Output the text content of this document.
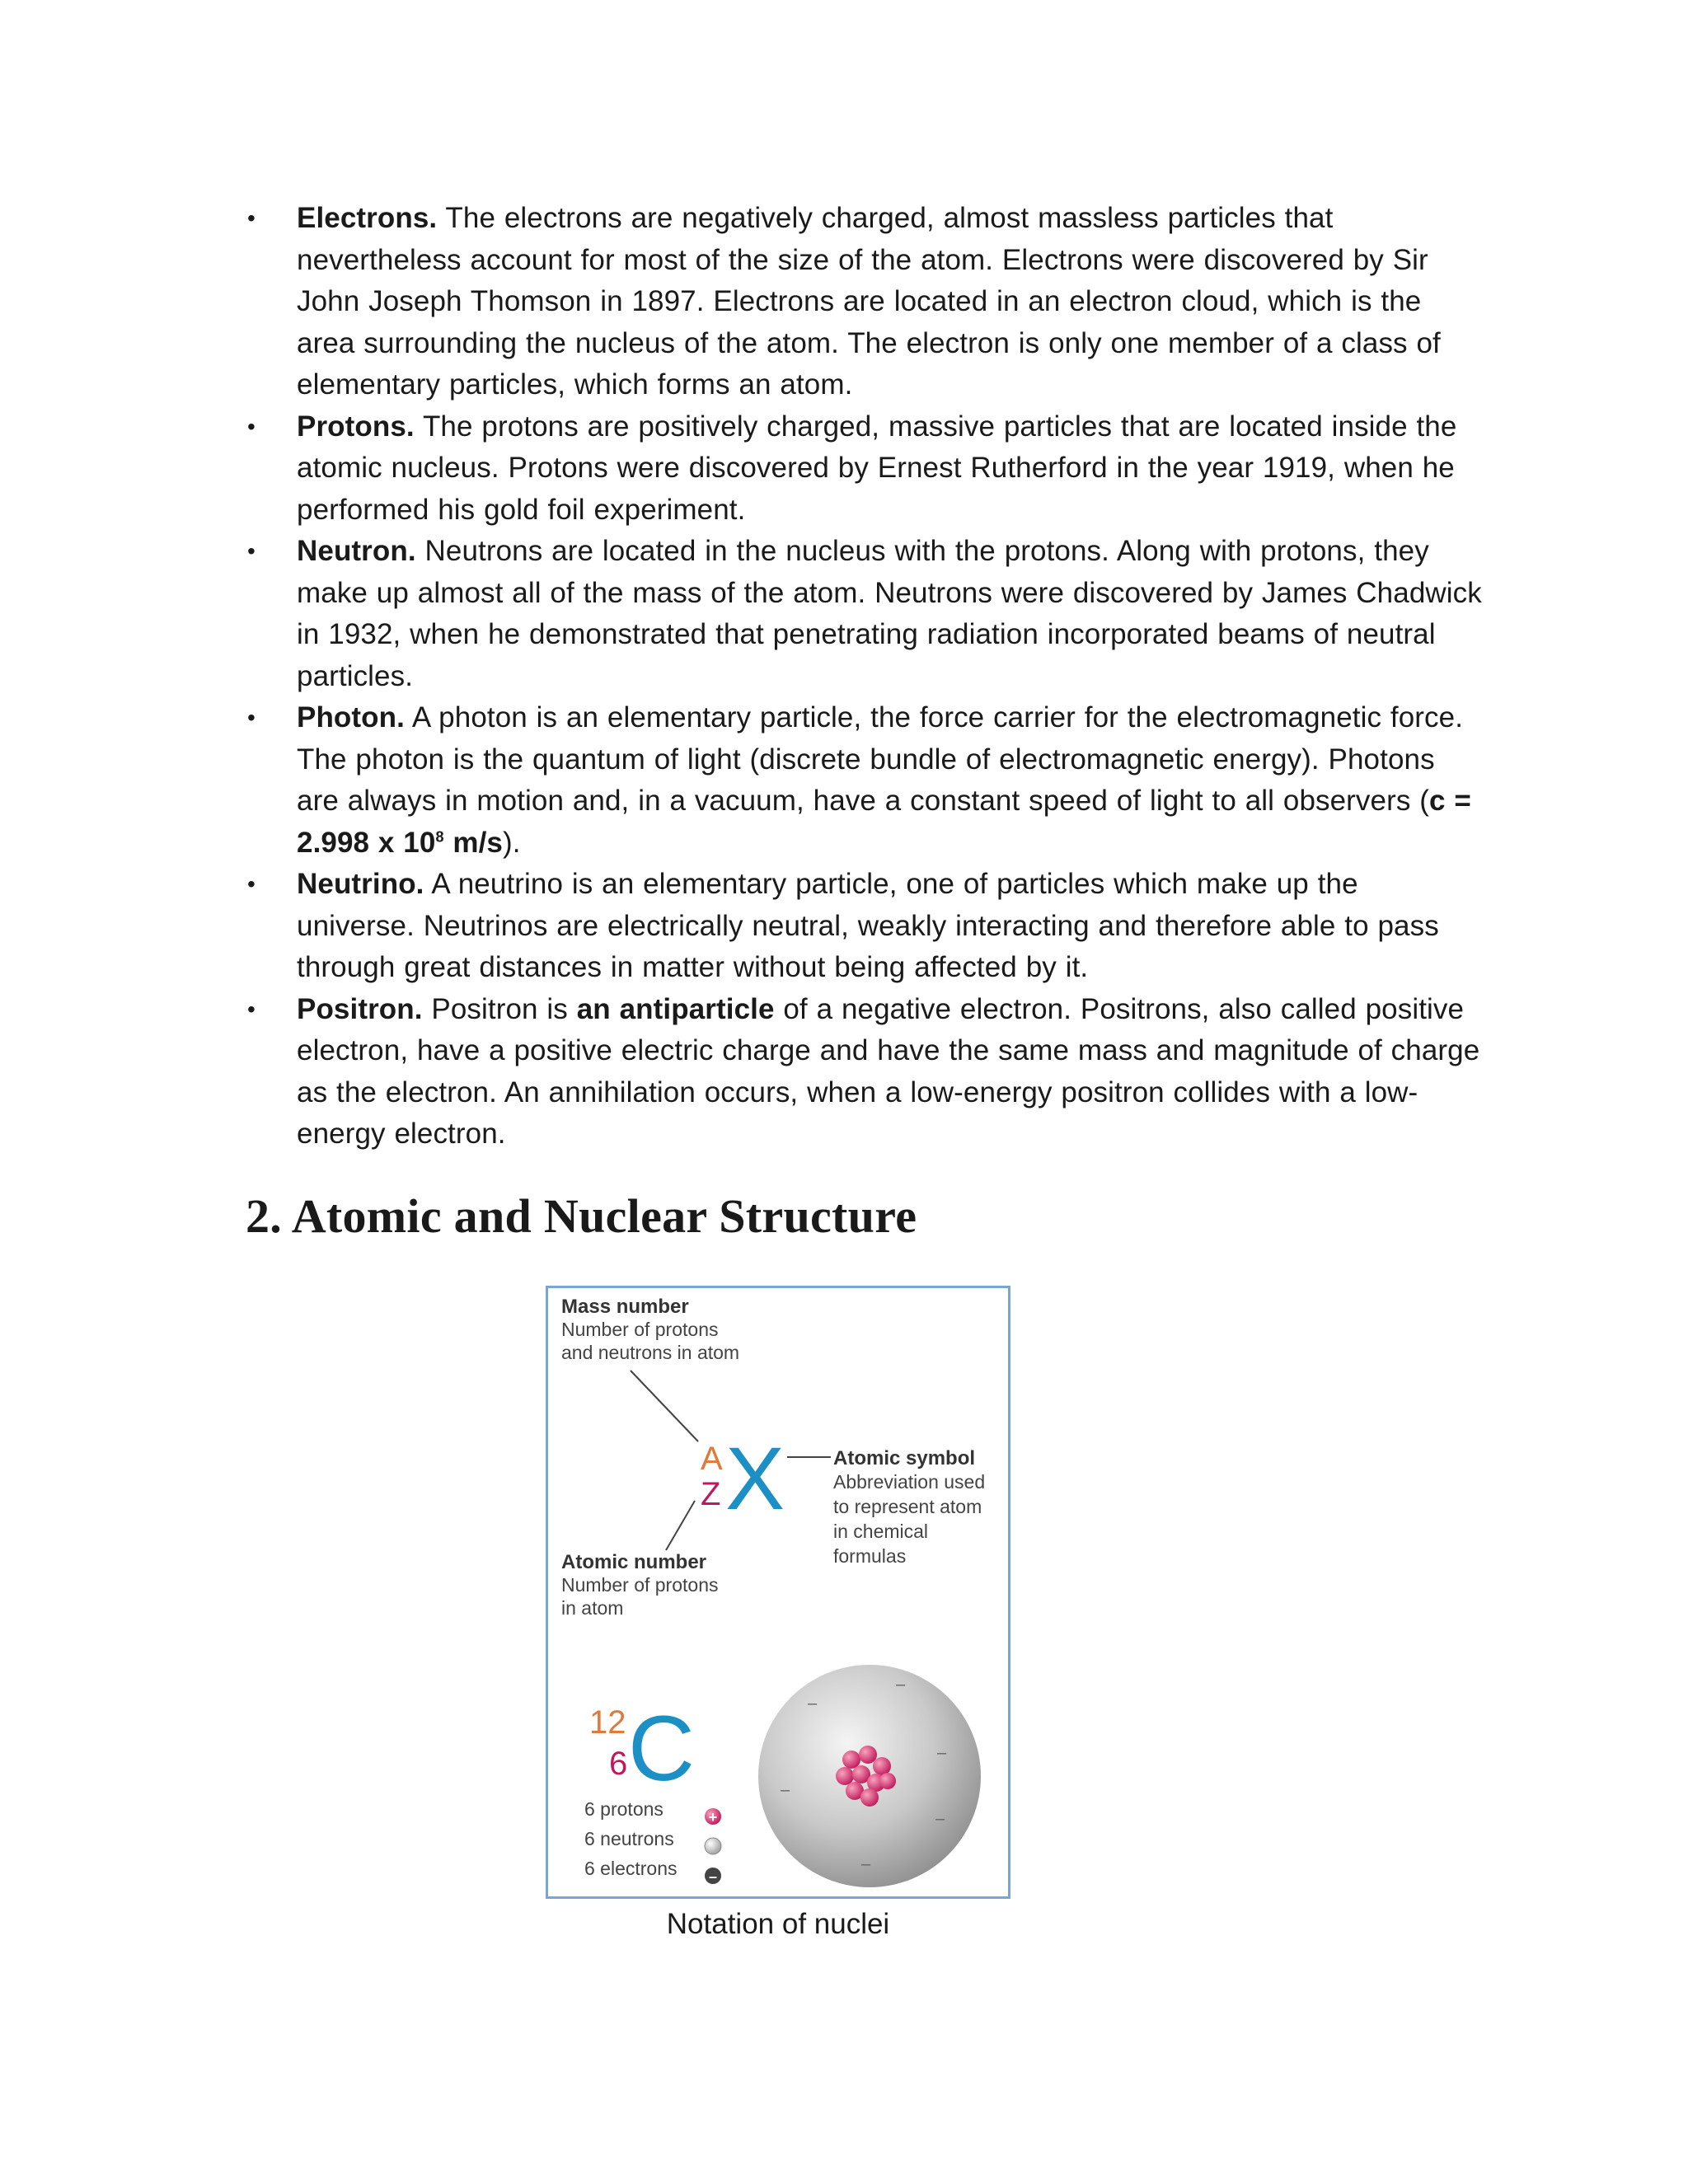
• Electrons. The electrons are negatively charged, almost massless particles that nevertheless account for most of the size of the atom. Electrons were discovered by Sir John Joseph Thomson in 1897. Electrons are located in an electron cloud, which is the area surrounding the nucleus of the atom. The electron is only one member of a class of elementary particles, which forms an atom.
• Protons. The protons are positively charged, massive particles that are located inside the atomic nucleus. Protons were discovered by Ernest Rutherford in the year 1919, when he performed his gold foil experiment.
• Neutron. Neutrons are located in the nucleus with the protons. Along with protons, they make up almost all of the mass of the atom. Neutrons were discovered by James Chadwick in 1932, when he demonstrated that penetrating radiation incorporated beams of neutral particles.
• Photon. A photon is an elementary particle, the force carrier for the electromagnetic force. The photon is the quantum of light (discrete bundle of electromagnetic energy). Photons are always in motion and, in a vacuum, have a constant speed of light to all observers (c = 2.998 x $10^8$ m/s).
• Neutrino. A neutrino is an elementary particle, one of particles which make up the universe. Neutrinos are electrically neutral, weakly interacting and therefore able to pass through great distances in matter without being affected by it.
• Positron. Positron is an antiparticle of a negative electron. Positrons, also called positive electron, have a positive electric charge and have the same mass and magnitude of charge as the electron. An annihilation occurs, when a low-energy positron collides with a low-energy electron.
2. Atomic and Nuclear Structure
Mass number
Number of protons
and neutrons in atom
A
Z X Atomic symbol
Abbreviation used
to represent atom
in chemical
formulas
Atomic number
Number of protons
in atom
12
6 C
6 protons	+
6 neutrons
6 electrons –
–
–
–
–
–
–
Notation of nuclei
